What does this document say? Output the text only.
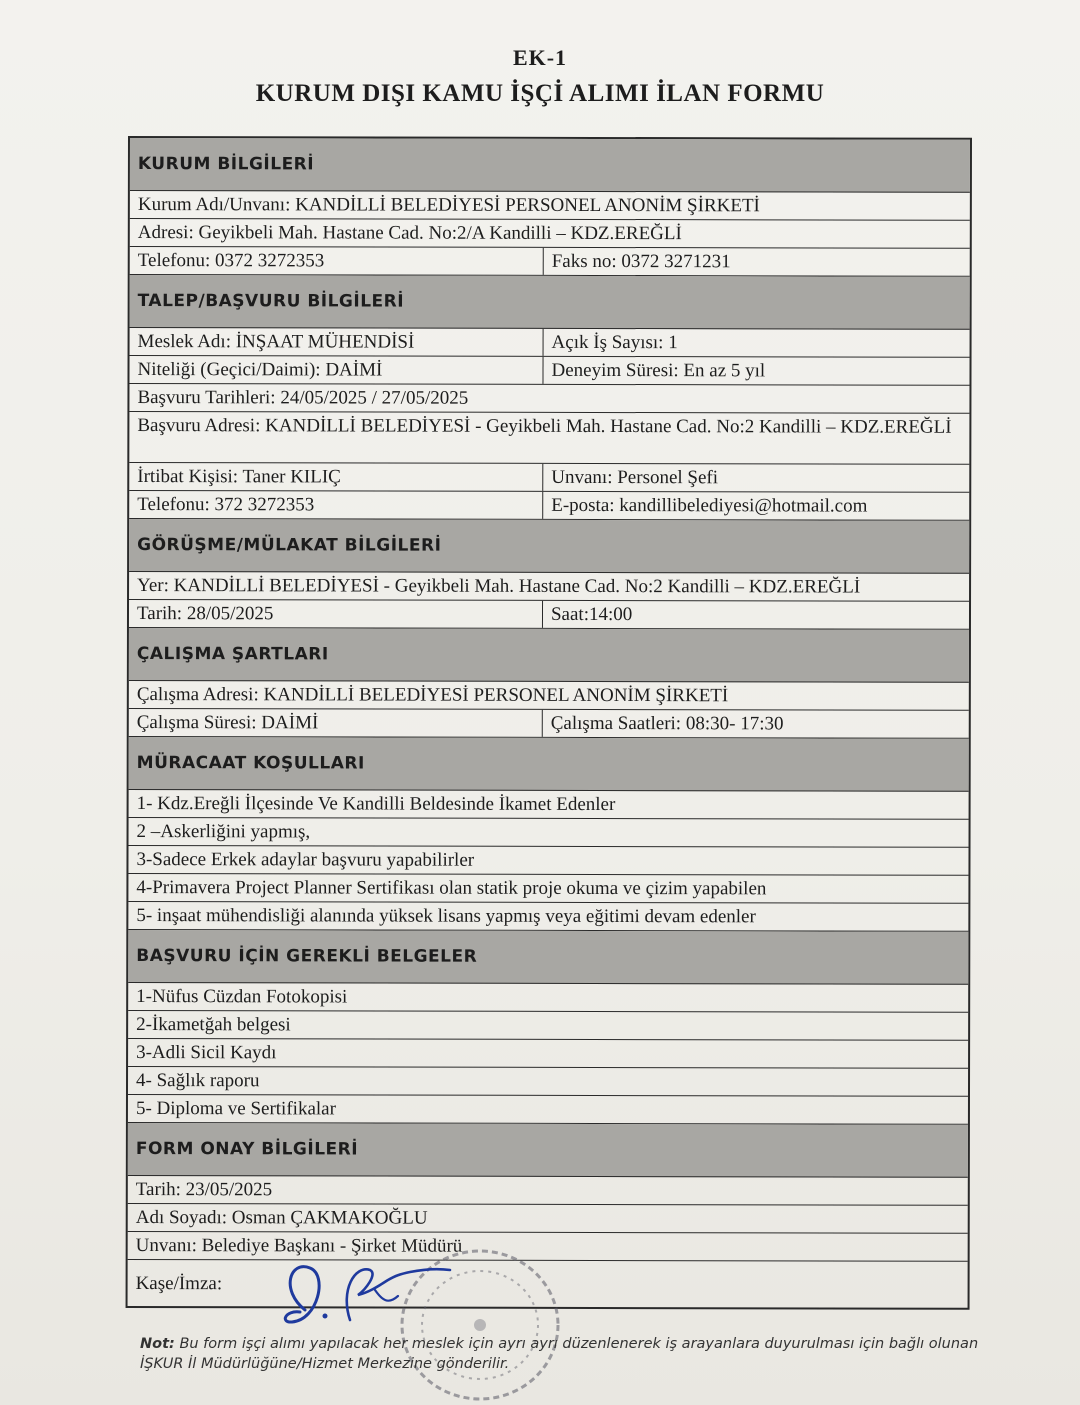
EK-1
KURUM DIŞI KAMU İŞÇİ ALIMI İLAN FORMU
KURUM BİLGİLERİ
Kurum Adı/Unvanı: KANDİLLİ BELEDİYESİ PERSONEL ANONİM ŞİRKETİ
Adresi: Geyikbeli Mah. Hastane Cad. No:2/A Kandilli – KDZ.EREĞLİ
Telefonu: 0372 3272353	Faks no: 0372 3271231
TALEP/BAŞVURU BİLGİLERİ
Meslek Adı: İNŞAAT MÜHENDİSİ	Açık İş Sayısı: 1
Niteliği (Geçici/Daimi): DAİMİ	Deneyim Süresi: En az 5 yıl
Başvuru Tarihleri: 24/05/2025 / 27/05/2025
Başvuru Adresi: KANDİLLİ BELEDİYESİ - Geyikbeli Mah. Hastane Cad. No:2 Kandilli – KDZ.EREĞLİ
İrtibat Kişisi: Taner KILIÇ	Unvanı: Personel Şefi
Telefonu: 372 3272353	E-posta: kandillibelediyesi@hotmail.com
GÖRÜŞME/MÜLAKAT BİLGİLERİ
Yer: KANDİLLİ BELEDİYESİ - Geyikbeli Mah. Hastane Cad. No:2 Kandilli – KDZ.EREĞLİ
Tarih: 28/05/2025	Saat:14:00
ÇALIŞMA ŞARTLARI
Çalışma Adresi: KANDİLLİ BELEDİYESİ PERSONEL ANONİM ŞİRKETİ
Çalışma Süresi: DAİMİ	Çalışma Saatleri: 08:30- 17:30
MÜRACAAT KOŞULLARI
1- Kdz.Ereğli İlçesinde Ve Kandilli Beldesinde İkamet Edenler
2 –Askerliğini yapmış,
3-Sadece Erkek adaylar başvuru yapabilirler
4-Primavera Project Planner Sertifikası olan statik proje okuma ve çizim yapabilen
5- inşaat mühendisliği alanında yüksek lisans yapmış veya eğitimi devam edenler
BAŞVURU İÇİN GEREKLİ BELGELER
1-Nüfus Cüzdan Fotokopisi
2-İkametğah belgesi
3-Adli Sicil Kaydı
4- Sağlık raporu
5- Diploma ve Sertifikalar
FORM ONAY BİLGİLERİ
Tarih: 23/05/2025
Adı Soyadı: Osman ÇAKMAKOĞLU
Unvanı: Belediye Başkanı - Şirket Müdürü
Kaşe/İmza:
Not: Bu form işçi alımı yapılacak her meslek için ayrı ayrı düzenlenerek iş arayanlara duyurulması için bağlı olunan İŞKUR İl Müdürlüğüne/Hizmet Merkezine gönderilir.
